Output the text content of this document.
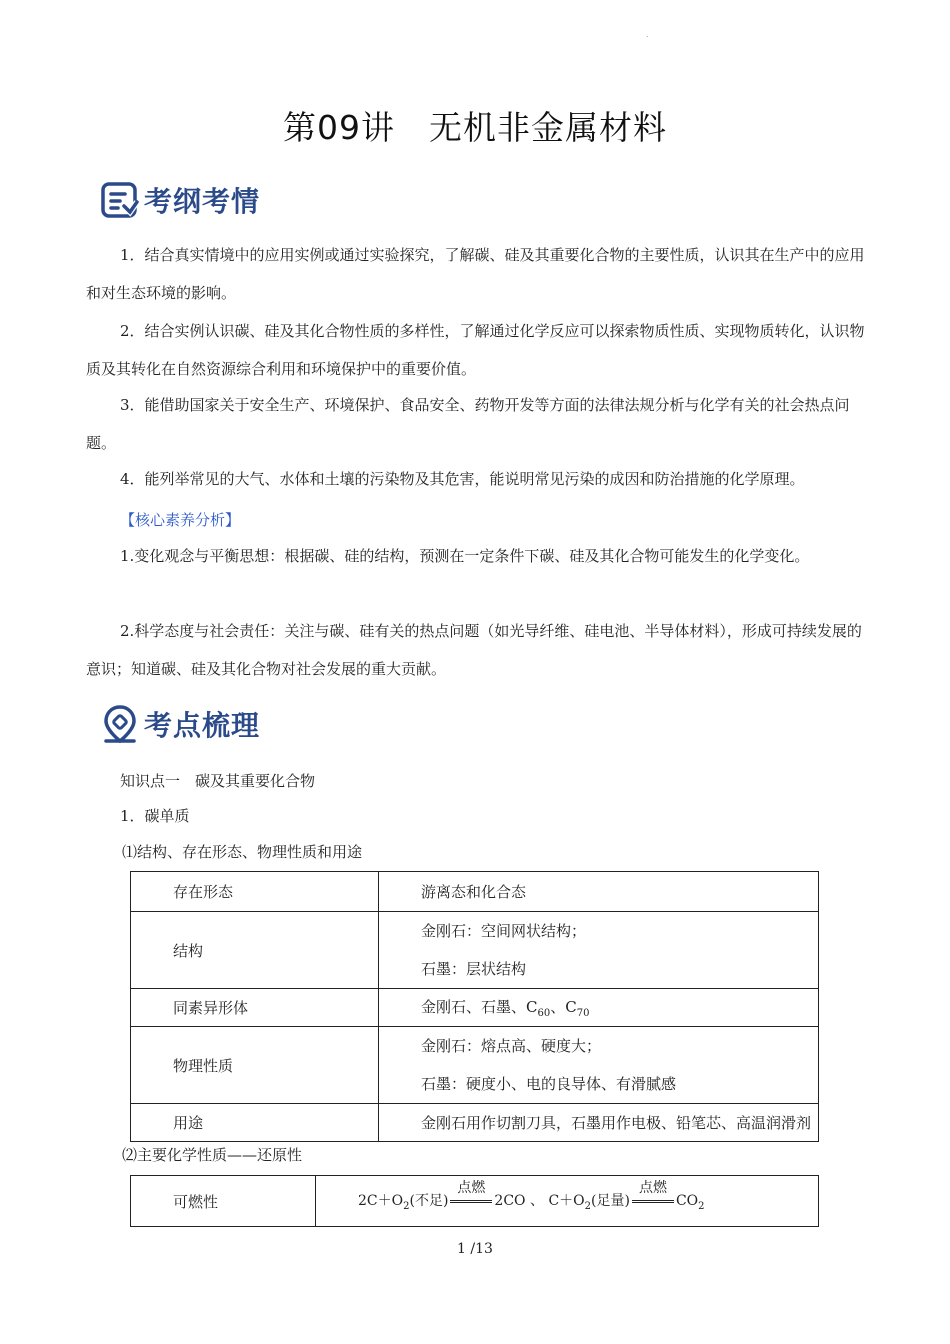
.
第09讲　无机非金属材料
考纲考情

1．结合真实情境中的应用实例或通过实验探究，了解碳、硅及其重要化合物的主要性质，认识其在生产中的应用和对生态环境的影响。

2．结合实例认识碳、硅及其化合物性质的多样性，了解通过化学反应可以探索物质性质、实现物质转化，认识物质及其转化在自然资源综合利用和环境保护中的重要价值。

3．能借助国家关于安全生产、环境保护、食品安全、药物开发等方面的法律法规分析与化学有关的社会热点问题。

4．能列举常见的大气、水体和土壤的污染物及其危害，能说明常见污染的成因和防治措施的化学原理。

【核心素养分析】

1.变化观念与平衡思想：根据碳、硅的结构，预测在一定条件下碳、硅及其化合物可能发生的化学变化。

2.科学态度与社会责任：关注与碳、硅有关的热点问题（如光导纤维、硅电池、半导体材料），形成可持续发展的意识；知道碳、硅及其化合物对社会发展的重大贡献。

考点梳理
知识点一　碳及其重要化合物
1．碳单质
⑴结构、存在形态、物理性质和用途
存在形态	游离态和化合态
结构	金刚石：空间网状结构；
石墨：层状结构

同素异形体	金刚石、石墨、$C_{60}$、$C_{70}$
物理性质	金刚石：熔点高、硬度大；
石墨：硬度小、电的良导体、有滑腻感

用途	金刚石用作切割刀具，石墨用作电极、铅笔芯、高温润滑剂
⑵主要化学性质——还原性
可燃性	$2C+O_2$(不足)
点燃
2CO 、 $C+O_2$(足量)
点燃
$CO_2$
1 /13
